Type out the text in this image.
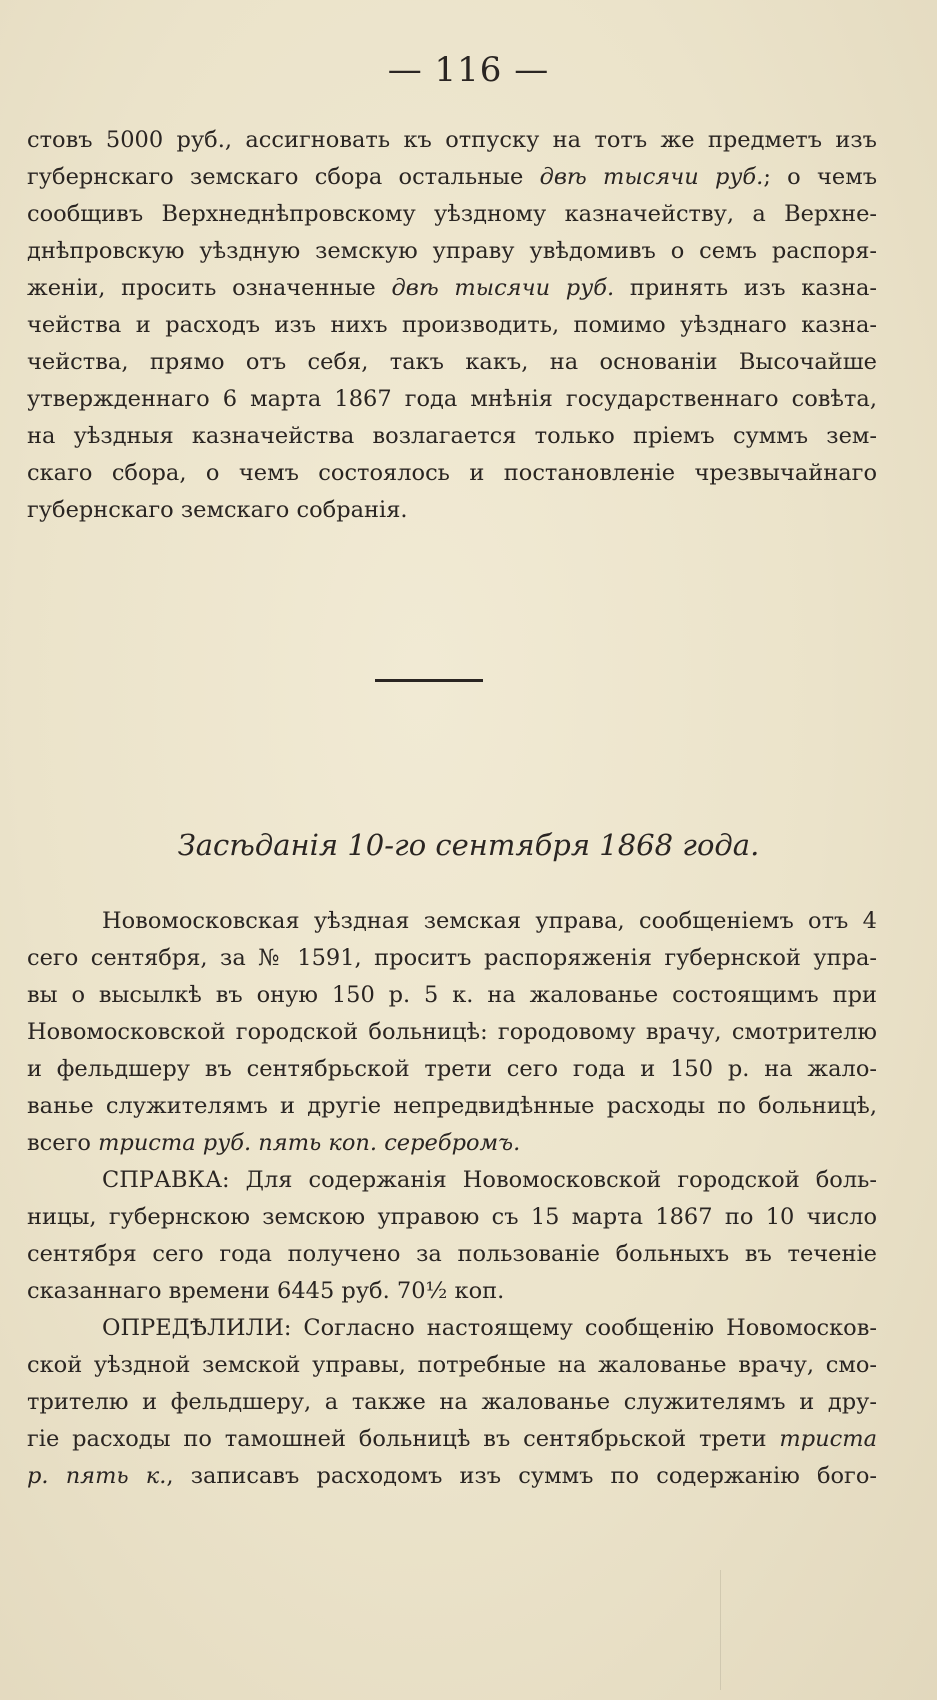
— 116 —
стовъ 5000 руб., ассигновать къ отпуску на тотъ же предметъ изъ
губернскаго земскаго сбора остальные двѣ тысячи руб.; о чемъ
сообщивъ Верхнеднѣпровскому уѣздному казначейству, а Верхне-
днѣпровскую уѣздную земскую управу увѣдомивъ о семъ распоря-
женіи, просить означенные двѣ тысячи руб. принять изъ казна-
чейства и расходъ изъ нихъ производить, помимо уѣзднаго казна-
чейства, прямо отъ себя, такъ какъ, на основаніи Высочайше
утвержденнаго 6 марта 1867 года мнѣнія государственнаго совѣта,
на уѣздныя казначейства возлагается только пріемъ суммъ зем-
скаго сбора, о чемъ состоялось и постановленіе чрезвычайнаго
губернскаго земскаго собранія.
Засѣданія 10-го сентября 1868 года.
Новомосковская уѣздная земская управа, сообщеніемъ отъ 4
сего сентября, за № 1591, проситъ распоряженія губернской упра-
вы о высылкѣ въ оную 150 р. 5 к. на жалованье состоящимъ при
Новомосковской городской больницѣ: городовому врачу, смотрителю
и фельдшеру въ сентябрьской трети сего года и 150 р. на жало-
ванье служителямъ и другіе непредвидѣнные расходы по больницѣ,
всего триста руб. пять коп. серебромъ.
СПРАВКА: Для содержанія Новомосковской городской боль-
ницы, губернскою земскою управою съ 15 марта 1867 по 10 число
сентября сего года получено за пользованіе больныхъ въ теченіе
сказаннаго времени 6445 руб. 70½ коп.
ОПРЕДѢЛИЛИ: Согласно настоящему сообщенію Новомосков-
ской уѣздной земской управы, потребные на жалованье врачу, смо-
трителю и фельдшеру, а также на жалованье служителямъ и дру-
гіе расходы по тамошней больницѣ въ сентябрьской трети триста
р. пять к., записавъ расходомъ изъ суммъ по содержанію бого-
